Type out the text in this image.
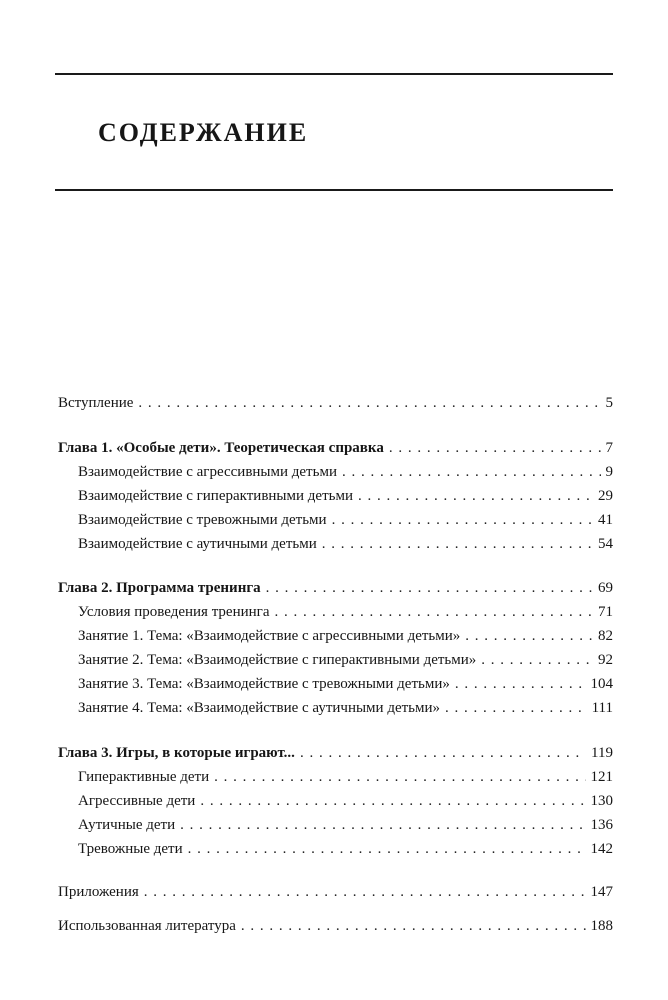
СОДЕРЖАНИЕ
Вступление . . .	5
Глава 1. «Особые дети». Теоретическая справка . . .	7
Взаимодействие с агрессивными детьми . . .	9
Взаимодействие с гиперактивными детьми . . .	29
Взаимодействие с тревожными детьми . . .	41
Взаимодействие с аутичными детьми . . .	54
Глава 2. Программа тренинга . . .	69
Условия проведения тренинга . . .	71
Занятие 1. Тема: «Взаимодействие с агрессивными детьми» . . .	82
Занятие 2. Тема: «Взаимодействие с гиперактивными детьми» . . .	92
Занятие 3. Тема: «Взаимодействие с тревожными детьми» . . .	104
Занятие 4. Тема: «Взаимодействие с аутичными детьми» . . .	111
Глава 3. Игры, в которые играют... . . .	119
Гиперактивные дети . . .	121
Агрессивные дети . . .	130
Аутичные дети . . .	136
Тревожные дети . . .	142
Приложения . . .	147
Использованная литература . . .	188
